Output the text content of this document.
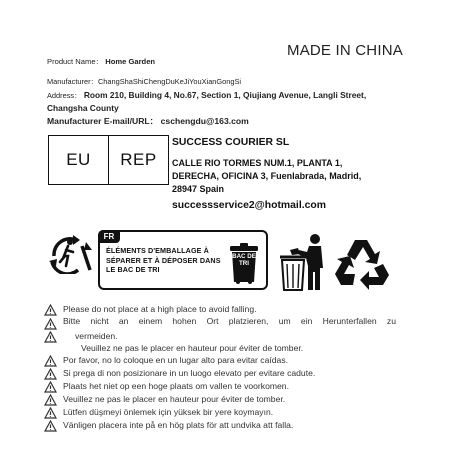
MADE IN CHINA
Product Name： Home Garden
Manufacturer：ChangShaShiChengDuKeJiYouXianGongSi
Address： Room 210, Building 4, No.67, Section 1, Qiujiang Avenue, Langli Street, Changsha County
Manufacturer E-mail/URL： cschengdu@163.com
EU	REP
SUCCESS COURIER SL
CALLE RIO TORMES NUM.1, PLANTA 1, DERECHA, OFICINA 3, Fuenlabrada, Madrid, 28947 Spain
successservice2@hotmail.com
FR
ÉLÉMENTS D'EMBALLAGE À SÉPARER ET À DÉPOSER DANS LE BAC DE TRI
BAC DE TRI
Please do not place at a high place to avoid falling.
Bitte nicht an einem hohen Ort platzieren, um ein Herunterfallen zu
vermeiden.
Veuillez ne pas le placer en hauteur pour éviter de tomber.
Por favor, no lo coloque en un lugar alto para evitar caídas.
Si prega di non posizionare in un luogo elevato per evitare cadute.
Plaats het niet op een hoge plaats om vallen te voorkomen.
Veuillez ne pas le placer en hauteur pour éviter de tomber.
Lütfen düşmeyi önlemek için yüksek bir yere koymayın.
Vänligen placera inte på en hög plats för att undvika att falla.
